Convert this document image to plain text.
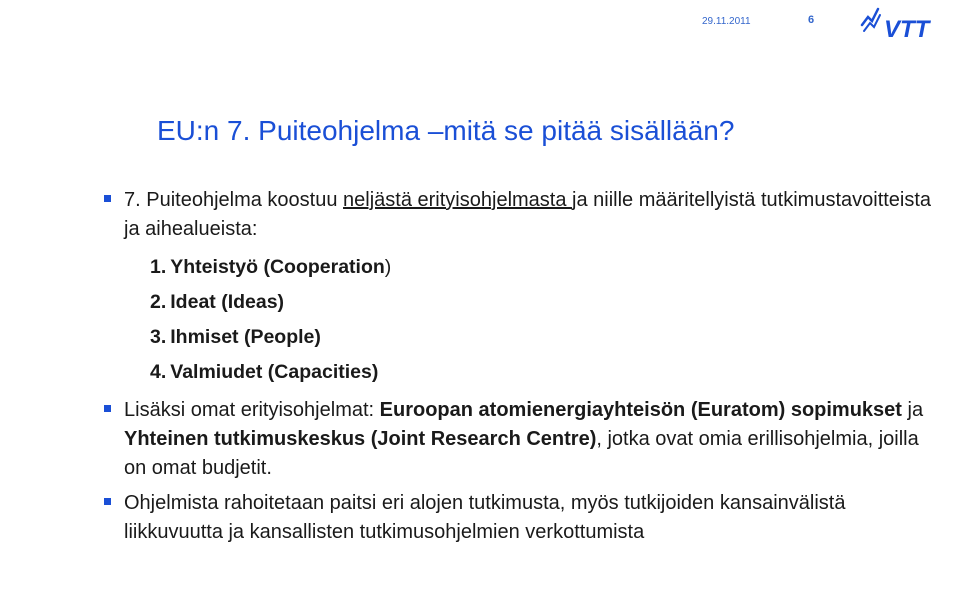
29.11.2011	6	VTT
EU:n 7. Puiteohjelma –mitä se pitää sisällään?
7. Puiteohjelma koostuu neljästä erityisohjelmasta ja niille määritellyistä tutkimustavoitteista ja aihealueista:
1. Yhteistyö (Cooperation)
2. Ideat (Ideas)
3. Ihmiset (People)
4. Valmiudet (Capacities)
Lisäksi omat erityisohjelmat: Euroopan atomienergiayhteisön (Euratom) sopimukset ja Yhteinen tutkimuskeskus (Joint Research Centre), jotka ovat omia erillisohjelmia, joilla on omat budjetit.
Ohjelmista rahoitetaan paitsi eri alojen tutkimusta, myös tutkijoiden kansainvälistä liikkuvuutta ja kansallisten tutkimusohjelmien verkottumista
